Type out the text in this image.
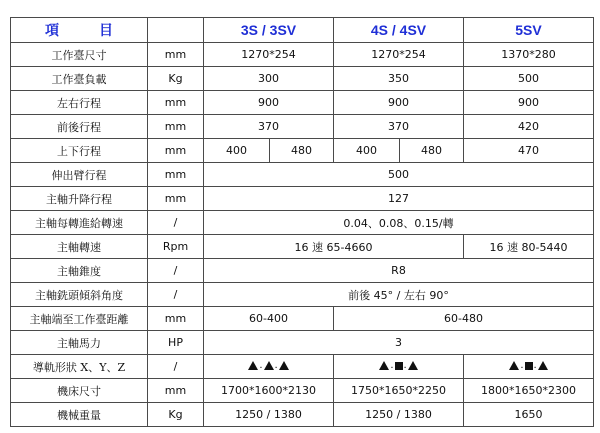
項 目		3S / 3SV		4S / 4SV		5SV
工作臺尺寸	mm	1270*254		1270*254		1370*280
工作臺負載	Kg	300		350		500
左右行程	mm	900		900		900
前後行程	mm	370		370		420
上下行程	mm	400	480	400	480	470
伸出臂行程	mm	500				
主軸升降行程	mm	127				
主軸每轉進給轉速	/	0.04、0.08、0.15/轉				
主軸轉速	Rpm	16 速 65-4660				16 速 80-5440
主軸錐度	/	R8				
主軸銑頭傾斜角度	/	前後 45° / 左右 90°				
主軸端至工作臺距離	mm	60-400		60-480		
主軸馬力	HP	3				
導軌形狀 X、Y、Z	/	. .		. .		. .

機床尺寸	mm	1700*1600*2130		1750*1650*2250		1800*1650*2300
機械重量	Kg	1250 / 1380		1250 / 1380		1650
